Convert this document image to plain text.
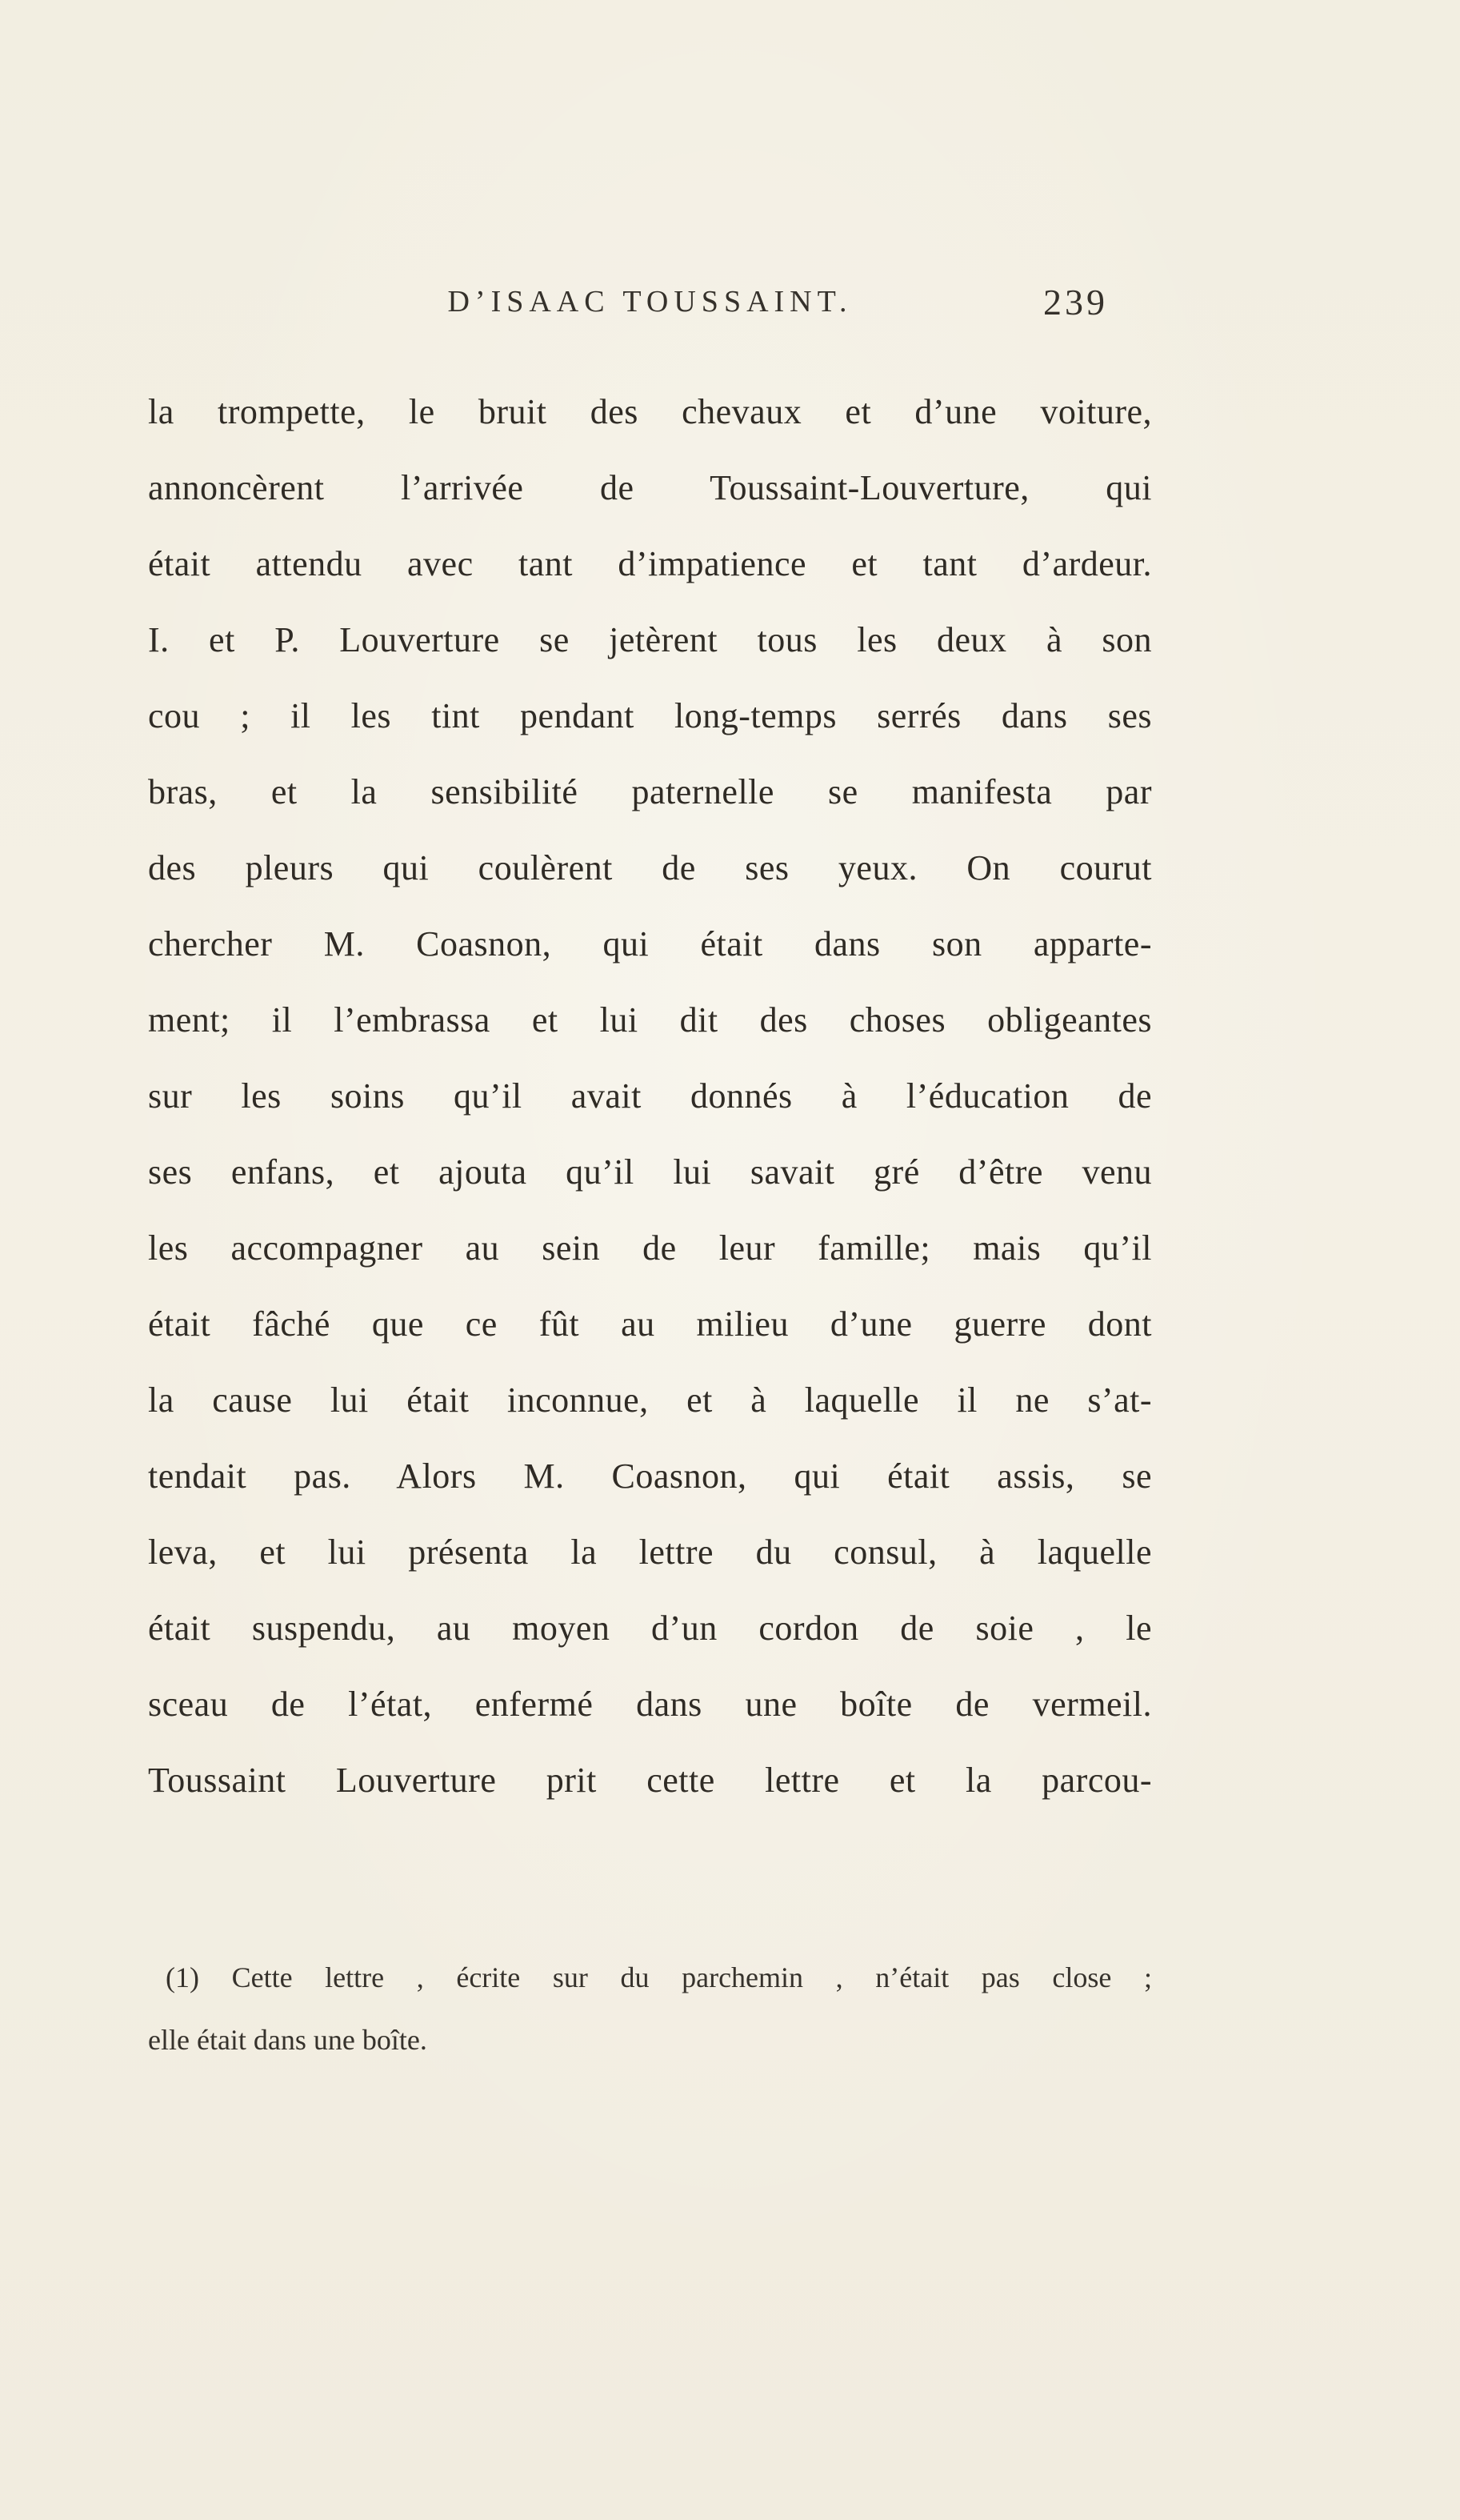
D’ISAAC TOUSSAINT.	239
la trompette, le bruit des chevaux et d’une voiture,
annoncèrent l’arrivée de Toussaint-Louverture, qui
était attendu avec tant d’impatience et tant d’ardeur.
I. et P. Louverture se jetèrent tous les deux à son
cou ; il les tint pendant long-temps serrés dans ses
bras, et la sensibilité paternelle se manifesta par
des pleurs qui coulèrent de ses yeux. On courut
chercher M. Coasnon, qui était dans son apparte-
ment; il l’embrassa et lui dit des choses obligeantes
sur les soins qu’il avait donnés à l’éducation de
ses enfans, et ajouta qu’il lui savait gré d’être venu
les accompagner au sein de leur famille; mais qu’il
était fâché que ce fût au milieu d’une guerre dont
la cause lui était inconnue, et à laquelle il ne s’at-
tendait pas. Alors M. Coasnon, qui était assis, se
leva, et lui présenta la lettre du consul, à laquelle
était suspendu, au moyen d’un cordon de soie , le
sceau de l’état, enfermé dans une boîte de vermeil.
Toussaint Louverture prit cette lettre et la parcou-
(1) Cette lettre , écrite sur du parchemin , n’était pas close ;
elle était dans une boîte.
